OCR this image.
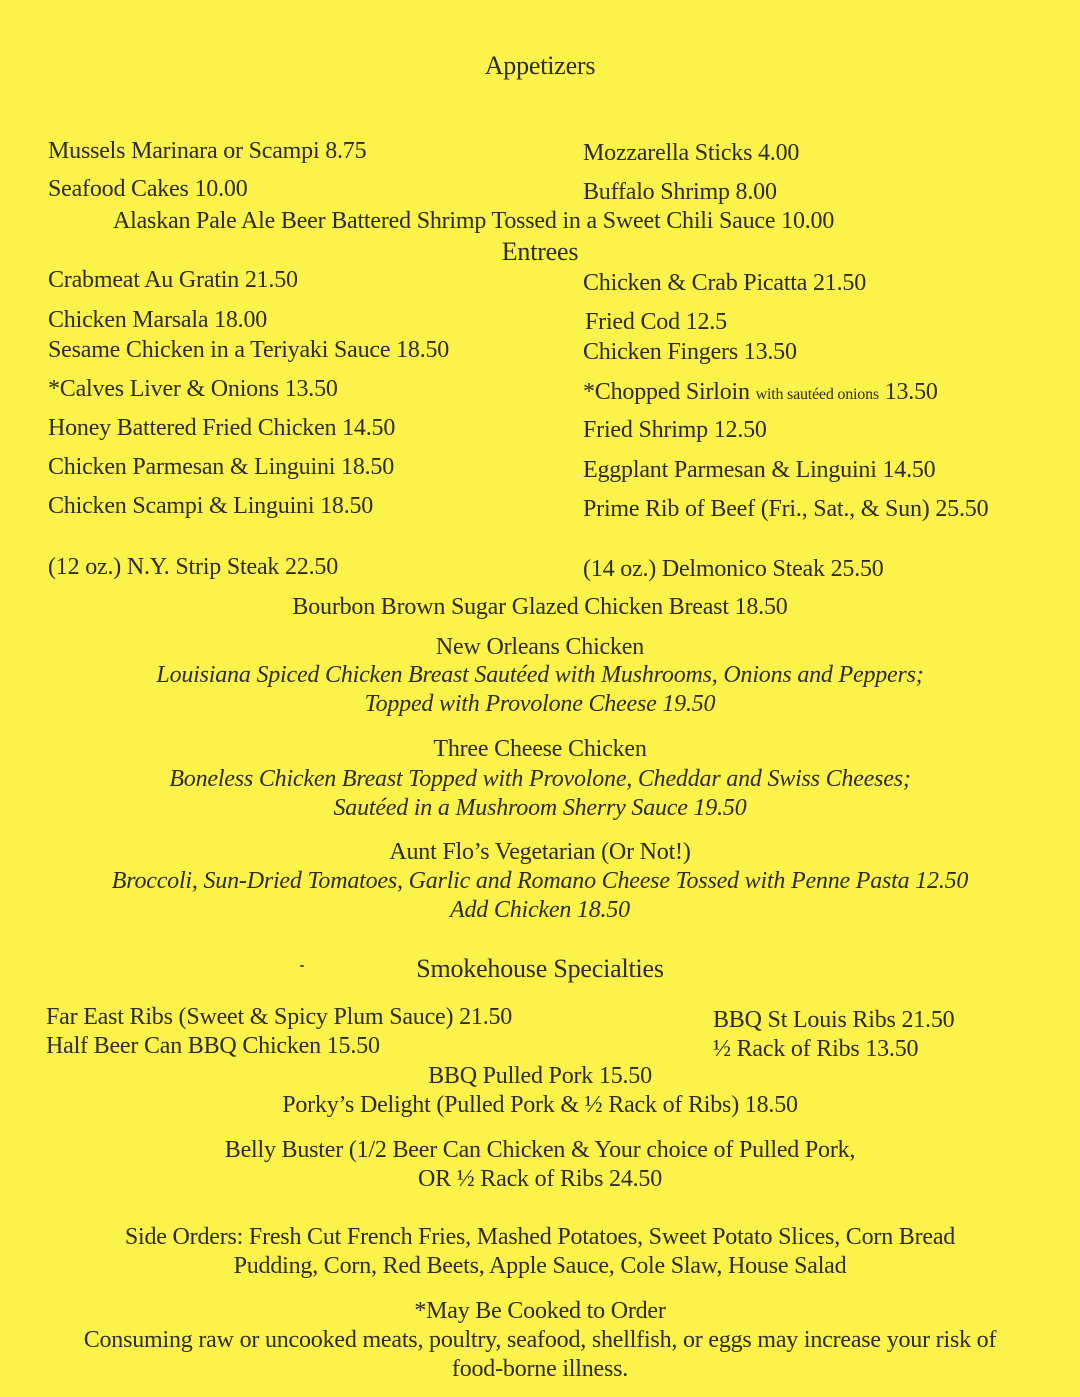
Appetizers
Mussels Marinara or Scampi 8.75
Seafood Cakes 10.00
Mozzarella Sticks 4.00
Buffalo Shrimp 8.00
Alaskan Pale Ale Beer Battered Shrimp Tossed in a Sweet Chili Sauce 10.00
Entrees
Crabmeat Au Gratin 21.50
Chicken Marsala 18.00
Sesame Chicken in a Teriyaki Sauce 18.50
*Calves Liver & Onions 13.50
Honey Battered Fried Chicken 14.50
Chicken Parmesan & Linguini 18.50
Chicken Scampi & Linguini 18.50
(12 oz.) N.Y. Strip Steak 22.50
Chicken & Crab Picatta 21.50
Fried Cod 12.5
Chicken Fingers 13.50
*Chopped Sirloin with sautéed onions 13.50
Fried Shrimp 12.50
Eggplant Parmesan & Linguini 14.50
Prime Rib of Beef (Fri., Sat., & Sun) 25.50
(14 oz.) Delmonico Steak 25.50
Bourbon Brown Sugar Glazed Chicken Breast 18.50
New Orleans Chicken
Louisiana Spiced Chicken Breast Sautéed with Mushrooms, Onions and Peppers;
Topped with Provolone Cheese 19.50
Three Cheese Chicken
Boneless Chicken Breast Topped with Provolone, Cheddar and Swiss Cheeses;
Sautéed in a Mushroom Sherry Sauce 19.50
Aunt Flo’s Vegetarian (Or Not!)
Broccoli, Sun-Dried Tomatoes, Garlic and Romano Cheese Tossed with Penne Pasta 12.50
Add Chicken 18.50
Smokehouse Specialties
Far East Ribs (Sweet & Spicy Plum Sauce) 21.50
Half Beer Can BBQ Chicken 15.50
BBQ St Louis Ribs 21.50
½ Rack of Ribs 13.50
BBQ Pulled Pork 15.50
Porky’s Delight (Pulled Pork & ½ Rack of Ribs) 18.50
Belly Buster (1/2 Beer Can Chicken & Your choice of Pulled Pork,
OR ½ Rack of Ribs 24.50
Side Orders: Fresh Cut French Fries, Mashed Potatoes, Sweet Potato Slices, Corn Bread
Pudding, Corn, Red Beets, Apple Sauce, Cole Slaw, House Salad
*May Be Cooked to Order
Consuming raw or uncooked meats, poultry, seafood, shellfish, or eggs may increase your risk of
food-borne illness.
